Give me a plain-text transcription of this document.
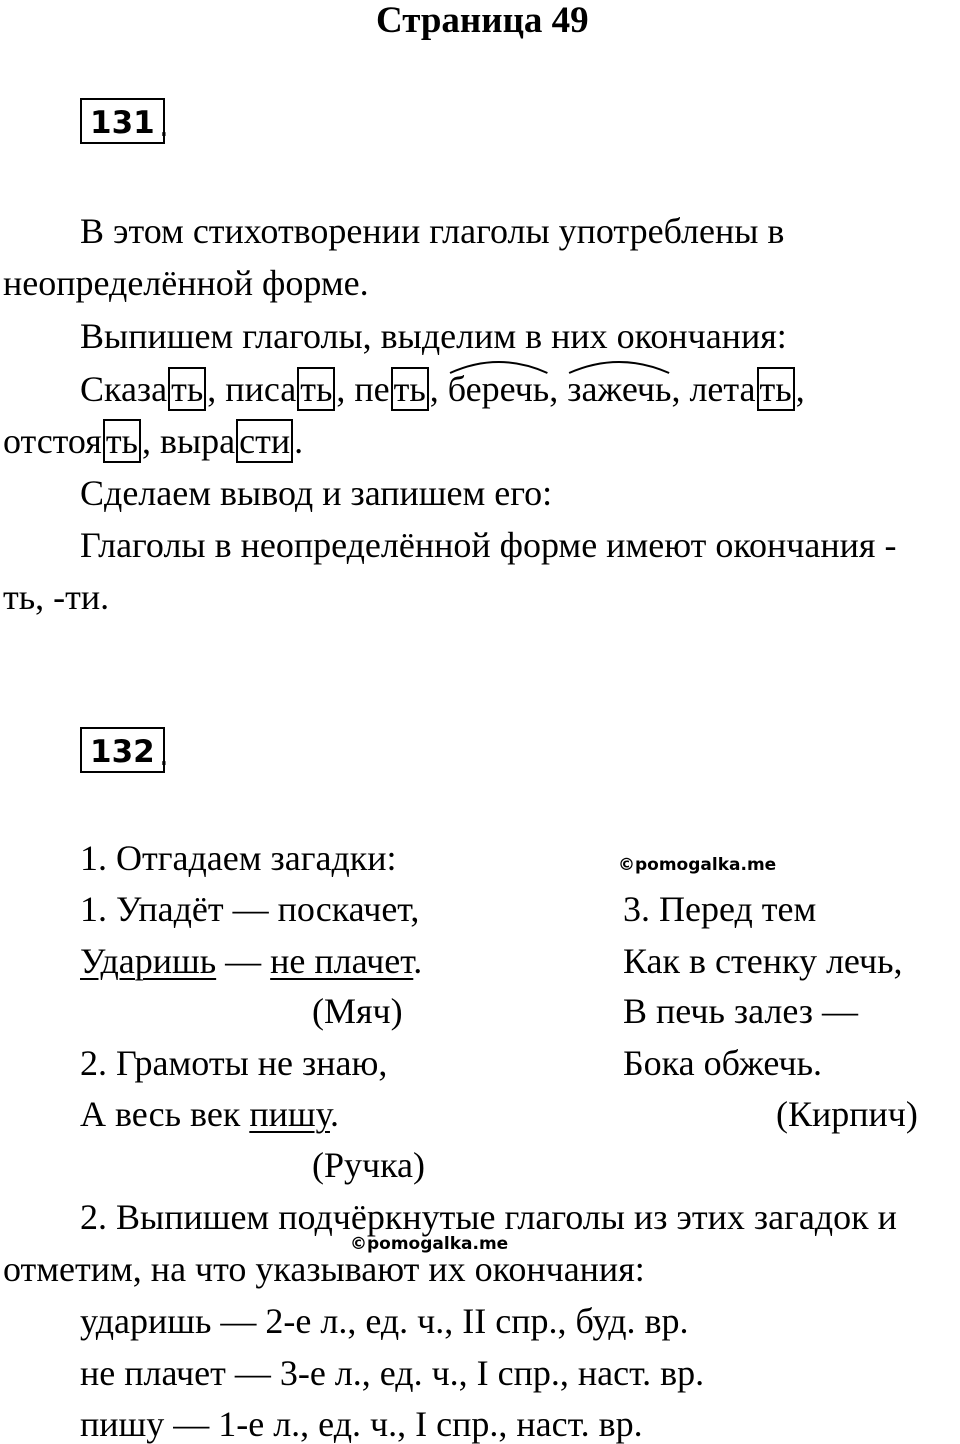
Страница 49
131 .
В этом стихотворении глаголы употреблены в
неопределённой форме.
Выпишем глаголы, выделим в них окончания:
Сказа ть , писа ть , пе ть , беречь
, зажечь
, лета ть ,
отстоя ть , выра сти .
Сделаем вывод и запишем его:
Глаголы в неопределённой форме имеют окончания -
ть, -ти.
132 .
1. Отгадаем загадки:	©pomogalka.me
1. Упадёт — поскачет,
Ударишь — не плачет.
(Мяч)
2. Грамоты не знаю,
А весь век пишу.
(Ручка)
3. Перед тем
Как в стенку лечь,
В печь залез —
Бока обжечь.
(Кирпич)
2. Выпишем подчёркнутые глаголы из этих загадок и
©pomogalka.me
отметим, на что указывают их окончания:
ударишь — 2-е л., ед. ч., II спр., буд. вр.
не плачет — 3-е л., ед. ч., I спр., наст. вр.
пишу — 1-е л., ед. ч., I спр., наст. вр.
